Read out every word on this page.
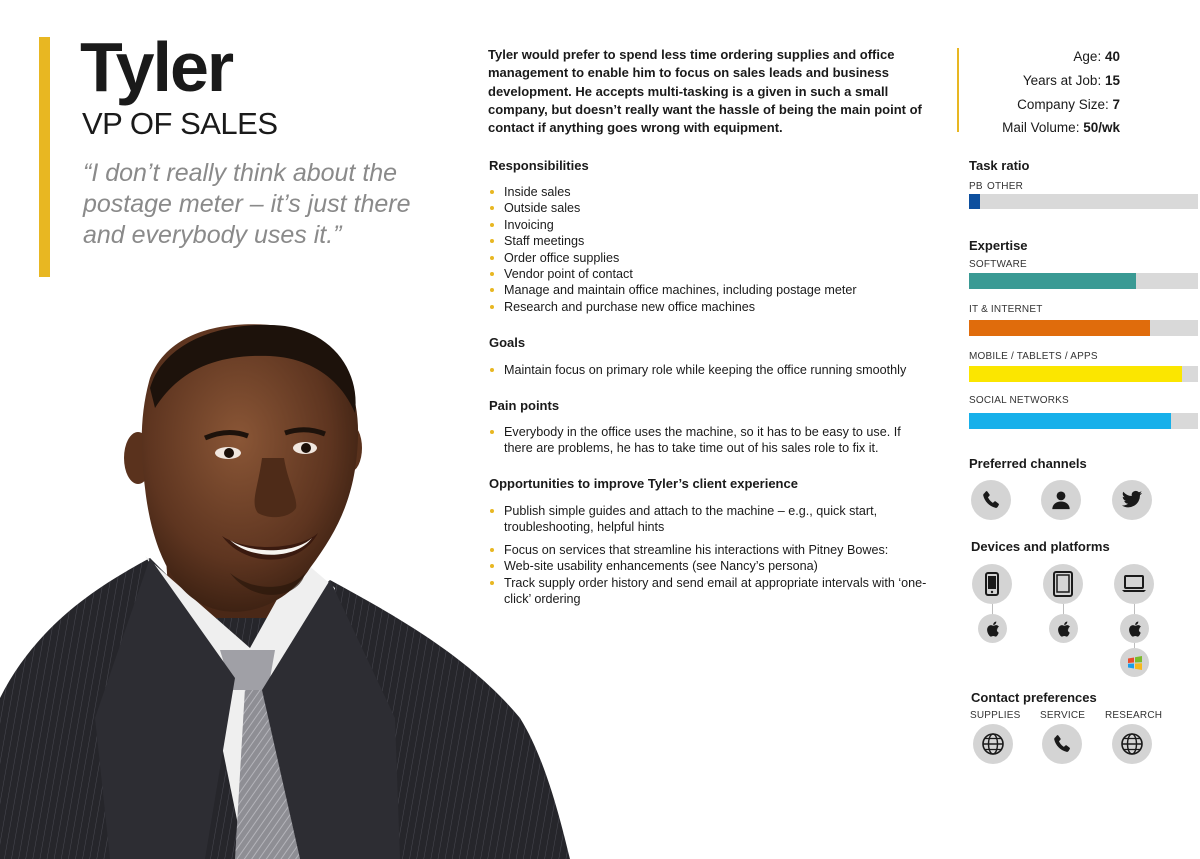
Tyler
VP OF SALES
“I don’t really think about the postage meter – it’s just there and everybody uses it.”
Tyler would prefer to spend less time ordering supplies and office management to enable him to focus on sales leads and business development. He accepts multi-tasking is a given in such a small company, but doesn’t really want the hassle of being the main point of contact if anything goes wrong with equipment.
Responsibilities
Inside sales
Outside sales
Invoicing
Staff meetings
Order office supplies
Vendor point of contact
Manage and maintain office machines, including postage meter
Research and purchase new office machines
Goals
Maintain focus on primary role while keeping the office running smoothly
Pain points
Everybody in the office uses the machine, so it has to be easy to use. If there are problems, he has to take time out of his sales role to fix it.
Opportunities to improve Tyler’s client experience
Publish simple guides and attach to the machine – e.g., quick start, troubleshooting, helpful hints
Focus on services that streamline his interactions with Pitney Bowes:
Web-site usability enhancements (see Nancy’s persona)
Track supply order history and send email at appropriate intervals with ‘one-click’ ordering
Age: 40
Years at Job: 15
Company Size: 7
Mail Volume: 50/wk
Task ratio
PB OTHER
Expertise
SOFTWARE
IT & INTERNET
MOBILE / TABLETS / APPS
SOCIAL NETWORKS
Preferred channels
Devices and platforms
Contact preferences
SUPPLIES SERVICE RESEARCH
